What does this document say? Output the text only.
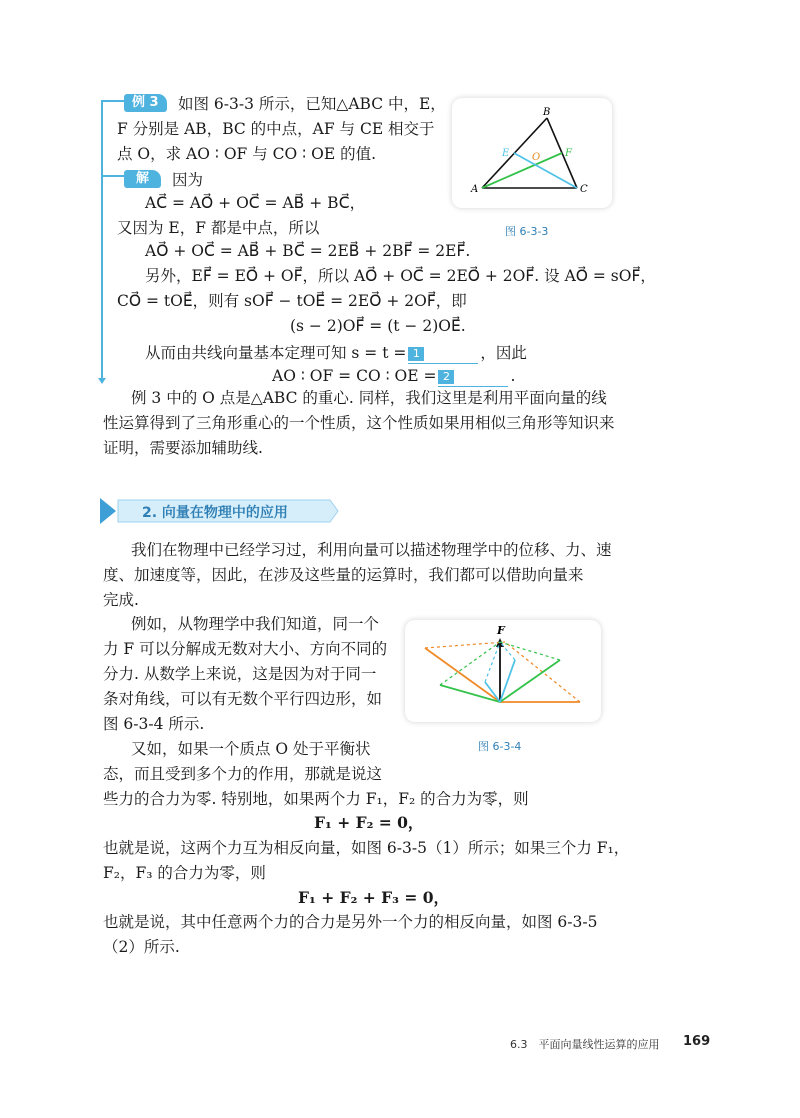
例 3	如图 6-3-3 所示，已知△ABC 中，E，
F 分别是 AB，BC 的中点，AF 与 CE 相交于
点 O，求 AO ∶ OF 与 CO ∶ OE 的值.
解	因为
AC⃗ = AO⃗ + OC⃗ = AB⃗ + BC⃗，
又因为 E，F 都是中点，所以
AO⃗ + OC⃗ = AB⃗ + BC⃗ = 2EB⃗ + 2BF⃗ = 2EF⃗.
另外，EF⃗ = EO⃗ + OF⃗，所以 AO⃗ + OC⃗ = 2EO⃗ + 2OF⃗. 设 AO⃗ = sOF⃗，
CO⃗ = tOE⃗，则有 sOF⃗ − tOE⃗ = 2EO⃗ + 2OF⃗，即
(s − 2)OF⃗ = (t − 2)OE⃗.
从而由共线向量基本定理可知 s = t = 1	，因此
AO ∶ OF = CO ∶ OE = 2	.
B
E O F
A	C
图 6-3-3
例 3 中的 O 点是△ABC 的重心. 同样，我们这里是利用平面向量的线
性运算得到了三角形重心的一个性质，这个性质如果用相似三角形等知识来
证明，需要添加辅助线.
2. 向量在物理中的应用
我们在物理中已经学习过，利用向量可以描述物理学中的位移、力、速
度、加速度等，因此，在涉及这些量的运算时，我们都可以借助向量来
完成.
例如，从物理学中我们知道，同一个
力 F 可以分解成无数对大小、方向不同的
分力. 从数学上来说，这是因为对于同一
条对角线，可以有无数个平行四边形，如
图 6-3-4 所示.
F
图 6-3-4
又如，如果一个质点 O 处于平衡状
态，而且受到多个力的作用，那就是说这
些力的合力为零. 特别地，如果两个力 F₁，F₂ 的合力为零，则
F₁ + F₂ = 0，
也就是说，这两个力互为相反向量，如图 6-3-5（1）所示；如果三个力 F₁，
F₂，F₃ 的合力为零，则
F₁ + F₂ + F₃ = 0，
也就是说，其中任意两个力的合力是另外一个力的相反向量，如图 6-3-5
（2）所示.
6.3　平面向量线性运算的应用 169
